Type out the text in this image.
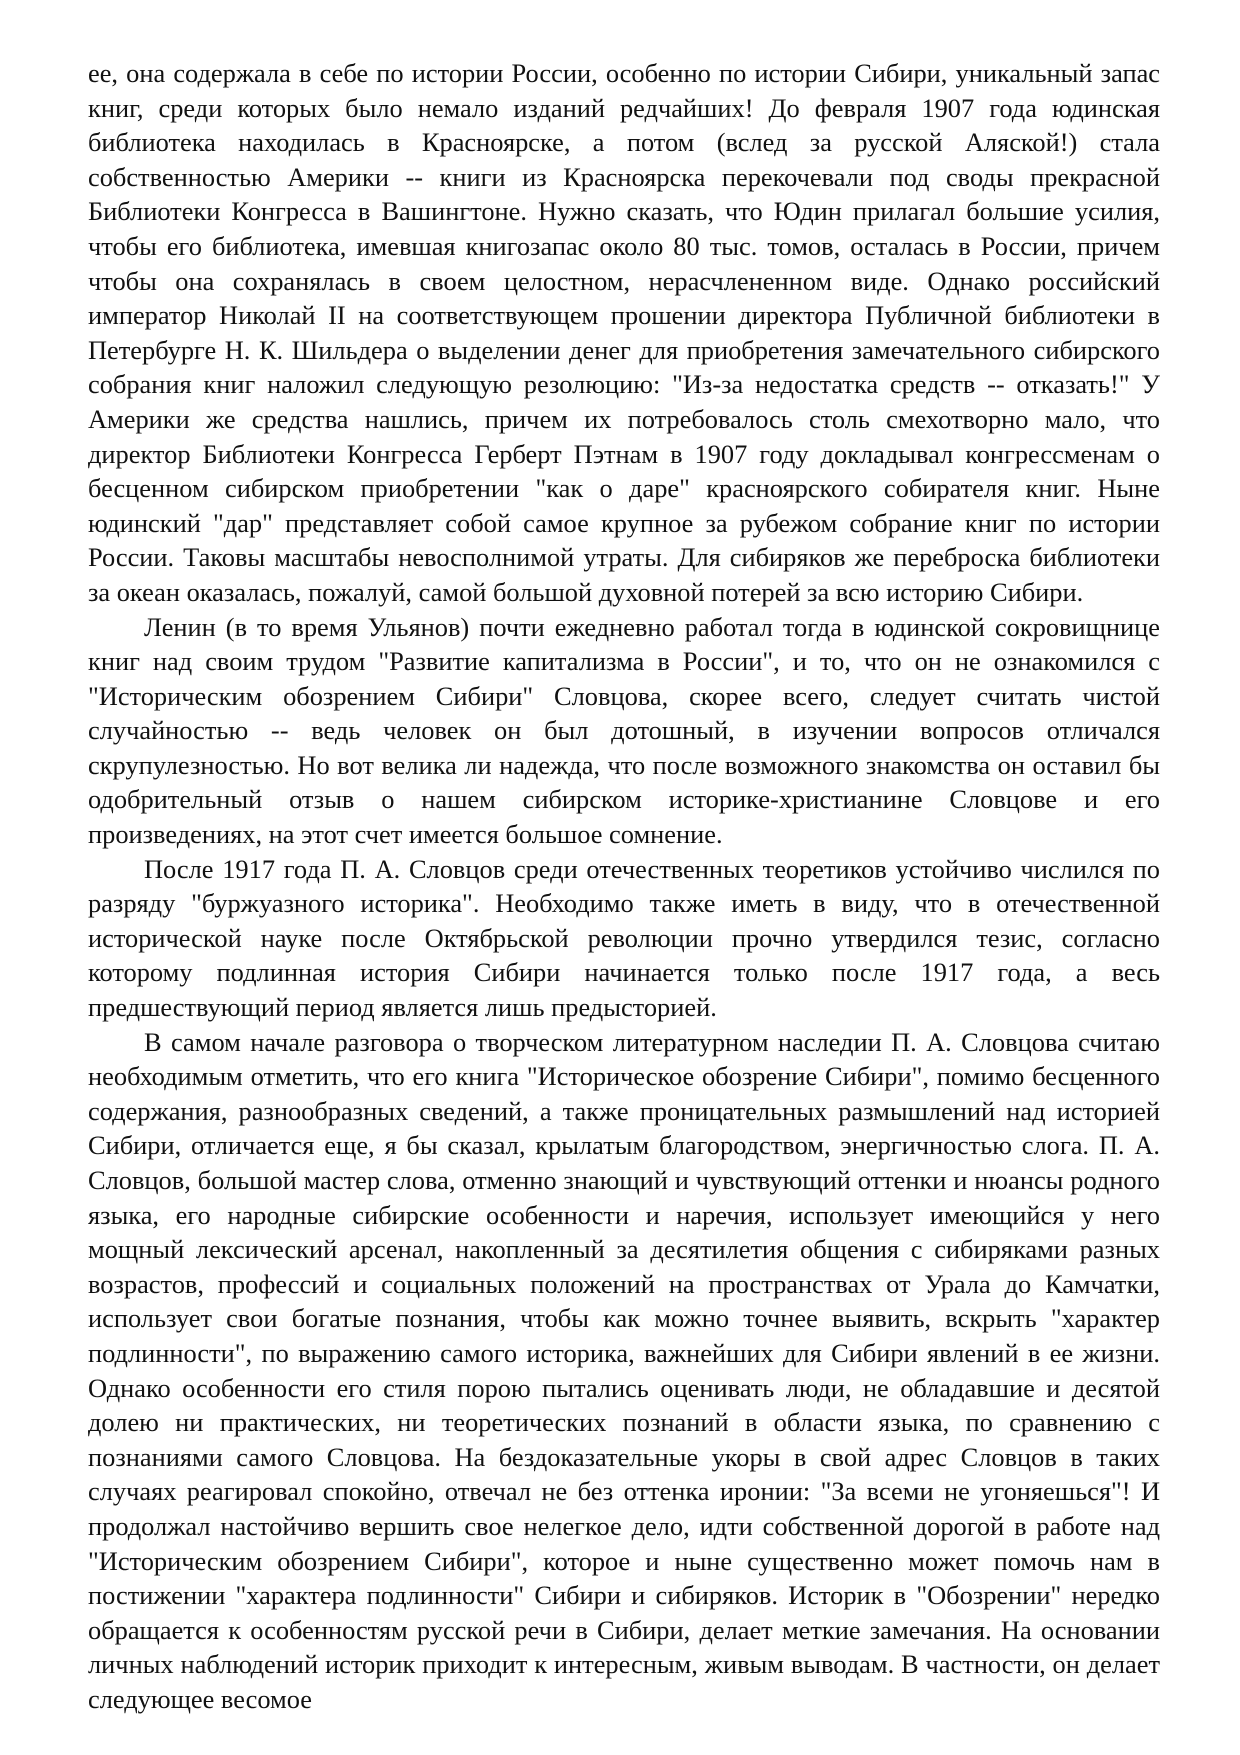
ее, она содержала в себе по истории России, особенно по истории Сибири, уникальный запас книг, среди которых было немало изданий редчайших! До февраля 1907 года юдинская библиотека находилась в Красноярске, а потом (вслед за русской Аляской!) стала собственностью Америки -- книги из Красноярска перекочевали под своды прекрасной Библиотеки Конгресса в Вашингтоне. Нужно сказать, что Юдин прилагал большие усилия, чтобы его библиотека, имевшая книгозапас около 80 тыс. томов, осталась в России, причем чтобы она сохранялась в своем целостном, нерасчлененном виде. Однако российский император Николай II на соответствующем прошении директора Публичной библиотеки в Петербурге Н. К. Шильдера о выделении денег для приобретения замечательного сибирского собрания книг наложил следующую резолюцию: "Из-за недостатка средств -- отказать!" У Америки же средства нашлись, причем их потребовалось столь смехотворно мало, что директор Библиотеки Конгресса Герберт Пэтнам в 1907 году докладывал конгрессменам о бесценном сибирском приобретении "как о даре" красноярского собирателя книг. Ныне юдинский "дар" представляет собой самое крупное за рубежом собрание книг по истории России. Таковы масштабы невосполнимой утраты. Для сибиряков же переброска библиотеки за океан оказалась, пожалуй, самой большой духовной потерей за всю историю Сибири.

Ленин (в то время Ульянов) почти ежедневно работал тогда в юдинской сокровищнице книг над своим трудом "Развитие капитализма в России", и то, что он не ознакомился с "Историческим обозрением Сибири" Словцова, скорее всего, следует считать чистой случайностью -- ведь человек он был дотошный, в изучении вопросов отличался скрупулезностью. Но вот велика ли надежда, что после возможного знакомства он оставил бы одобрительный отзыв о нашем сибирском историке-христианине Словцове и его произведениях, на этот счет имеется большое сомнение.

После 1917 года П. А. Словцов среди отечественных теоретиков устойчиво числился по разряду "буржуазного историка". Необходимо также иметь в виду, что в отечественной исторической науке после Октябрьской революции прочно утвердился тезис, согласно которому подлинная история Сибири начинается только после 1917 года, а весь предшествующий период является лишь предысторией.

В самом начале разговора о творческом литературном наследии П. А. Словцова считаю необходимым отметить, что его книга "Историческое обозрение Сибири", помимо бесценного содержания, разнообразных сведений, а также проницательных размышлений над историей Сибири, отличается еще, я бы сказал, крылатым благородством, энергичностью слога. П. А. Словцов, большой мастер слова, отменно знающий и чувствующий оттенки и нюансы родного языка, его народные сибирские особенности и наречия, использует имеющийся у него мощный лексический арсенал, накопленный за десятилетия общения с сибиряками разных возрастов, профессий и социальных положений на пространствах от Урала до Камчатки, использует свои богатые познания, чтобы как можно точнее выявить, вскрыть "характер подлинности", по выражению самого историка, важнейших для Сибири явлений в ее жизни. Однако особенности его стиля порою пытались оценивать люди, не обладавшие и десятой долею ни практических, ни теоретических познаний в области языка, по сравнению с познаниями самого Словцова. На бездоказательные укоры в свой адрес Словцов в таких случаях реагировал спокойно, отвечал не без оттенка иронии: "За всеми не угоняешься"! И продолжал настойчиво вершить свое нелегкое дело, идти собственной дорогой в работе над "Историческим обозрением Сибири", которое и ныне существенно может помочь нам в постижении "характера подлинности" Сибири и сибиряков. Историк в "Обозрении" нередко обращается к особенностям русской речи в Сибири, делает меткие замечания. На основании личных наблюдений историк приходит к интересным, живым выводам. В частности, он делает следующее весомое
